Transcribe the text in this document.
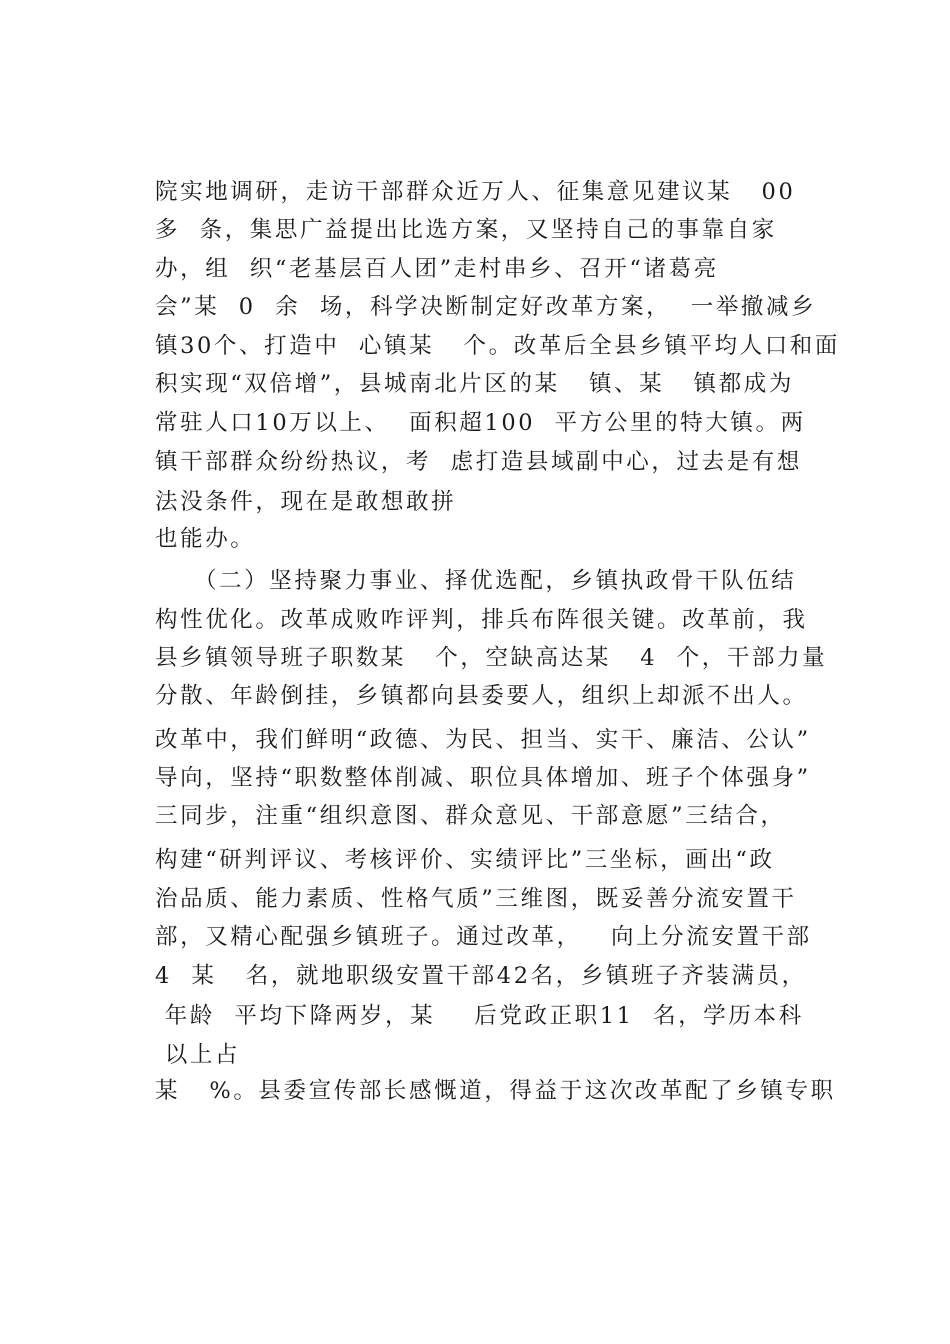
院实地调研，走访干部群众近万人、征集意见建议某   00
多  条，集思广益提出比选方案，又坚持自己的事靠自家
办，组  织“老基层百人团”走村串乡、召开“诸葛亮
会”某  0  余  场，科学决断制定好改革方案，  一举撤减乡
镇30个、打造中  心镇某   个。改革后全县乡镇平均人口和面
积实现“双倍增”，县城南北片区的某   镇、某   镇都成为
常驻人口10万以上、  面积超100  平方公里的特大镇。两
镇干部群众纷纷热议，考  虑打造县域副中心，过去是有想
法没条件，现在是敢想敢拼
也能办。
（二）坚持聚力事业、择优选配，乡镇执政骨干队伍结
构性优化。改革成败咋评判，排兵布阵很关键。改革前，我
县乡镇领导班子职数某   个，空缺高达某   4  个，干部力量
分散、年龄倒挂，乡镇都向县委要人，组织上却派不出人。
改革中，我们鲜明“政德、为民、担当、实干、廉洁、公认”
导向，坚持“职数整体削减、职位具体增加、班子个体强身”
三同步，注重“组织意图、群众意见、干部意愿”三结合，
构建“研判评议、考核评价、实绩评比”三坐标，画出“政
治品质、能力素质、性格气质”三维图，既妥善分流安置干
部，又精心配强乡镇班子。通过改革，   向上分流安置干部
4  某   名，就地职级安置干部42名，乡镇班子齐装满员，
年龄  平均下降两岁，某    后党政正职11  名，学历本科
以上占
某   %。县委宣传部长感慨道，得益于这次改革配了乡镇专职
